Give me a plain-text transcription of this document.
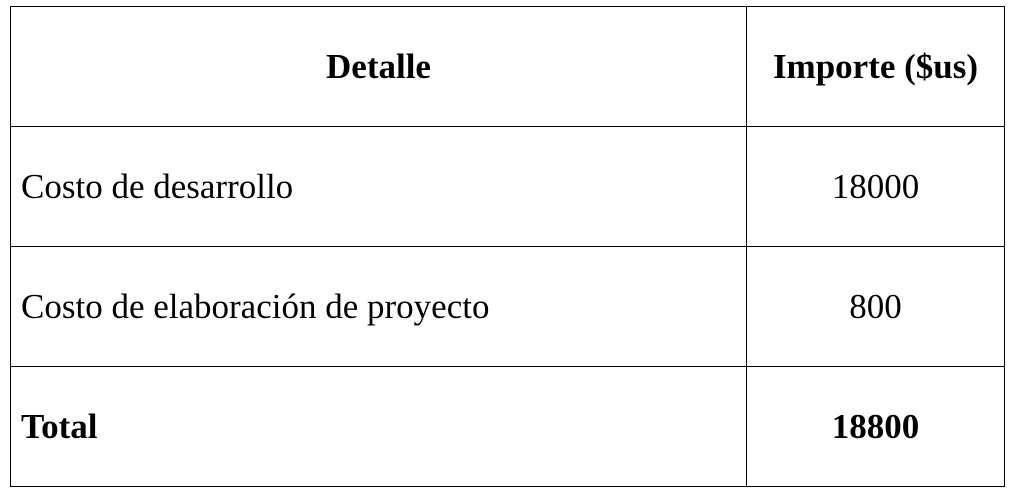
Detalle	Importe ($us)
Costo de desarrollo	18000
Costo de elaboración de proyecto	800
Total	18800
